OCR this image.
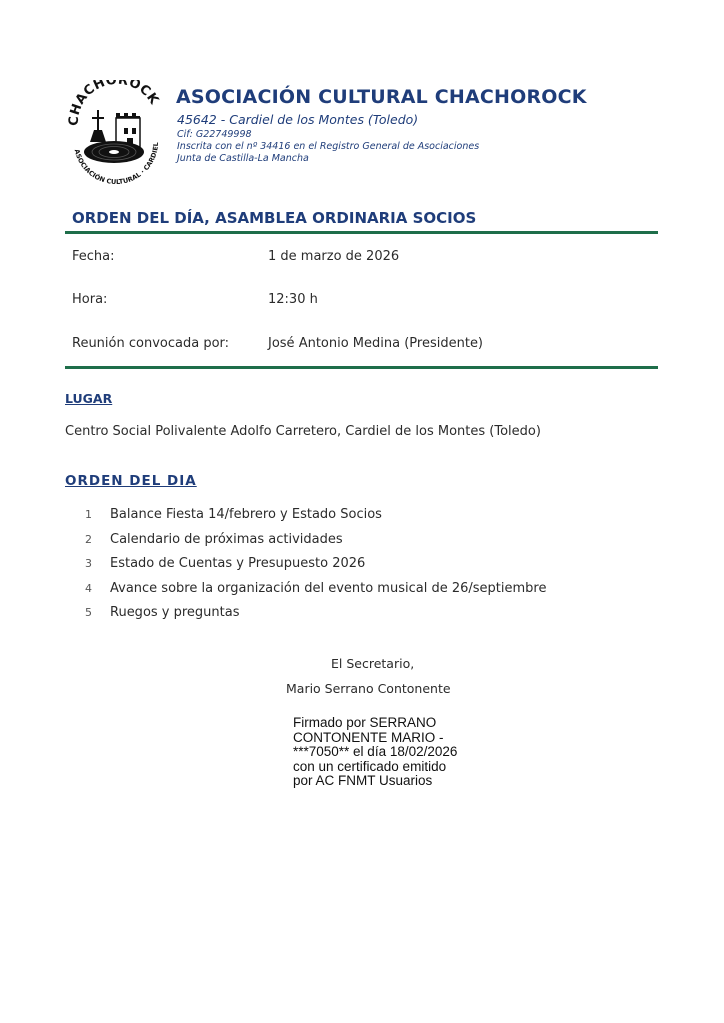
CHACHOROCK
ASOCIACIÓN CULTURAL · CARDIEL
ASOCIACIÓN CULTURAL CHACHOROCK
45642 - Cardiel de los Montes (Toledo)
Cif: G22749998
Inscrita con el nº 34416 en el Registro General de Asociaciones
Junta de Castilla-La Mancha
ORDEN DEL DÍA, ASAMBLEA ORDINARIA SOCIOS
Fecha:	1 de marzo de 2026
Hora:	12:30 h
Reunión convocada por:	José Antonio Medina (Presidente)
LUGAR
Centro Social Polivalente Adolfo Carretero, Cardiel de los Montes (Toledo)
ORDEN DEL DIA
1	Balance Fiesta 14/febrero y Estado Socios
2	Calendario de próximas actividades
3	Estado de Cuentas y Presupuesto 2026
4	Avance sobre la organización del evento musical de 26/septiembre
5	Ruegos y preguntas
El Secretario,
Mario Serrano Contonente
Firmado por SERRANO
CONTONENTE MARIO -
***7050** el día 18/02/2026
con un certificado emitido
por AC FNMT Usuarios
